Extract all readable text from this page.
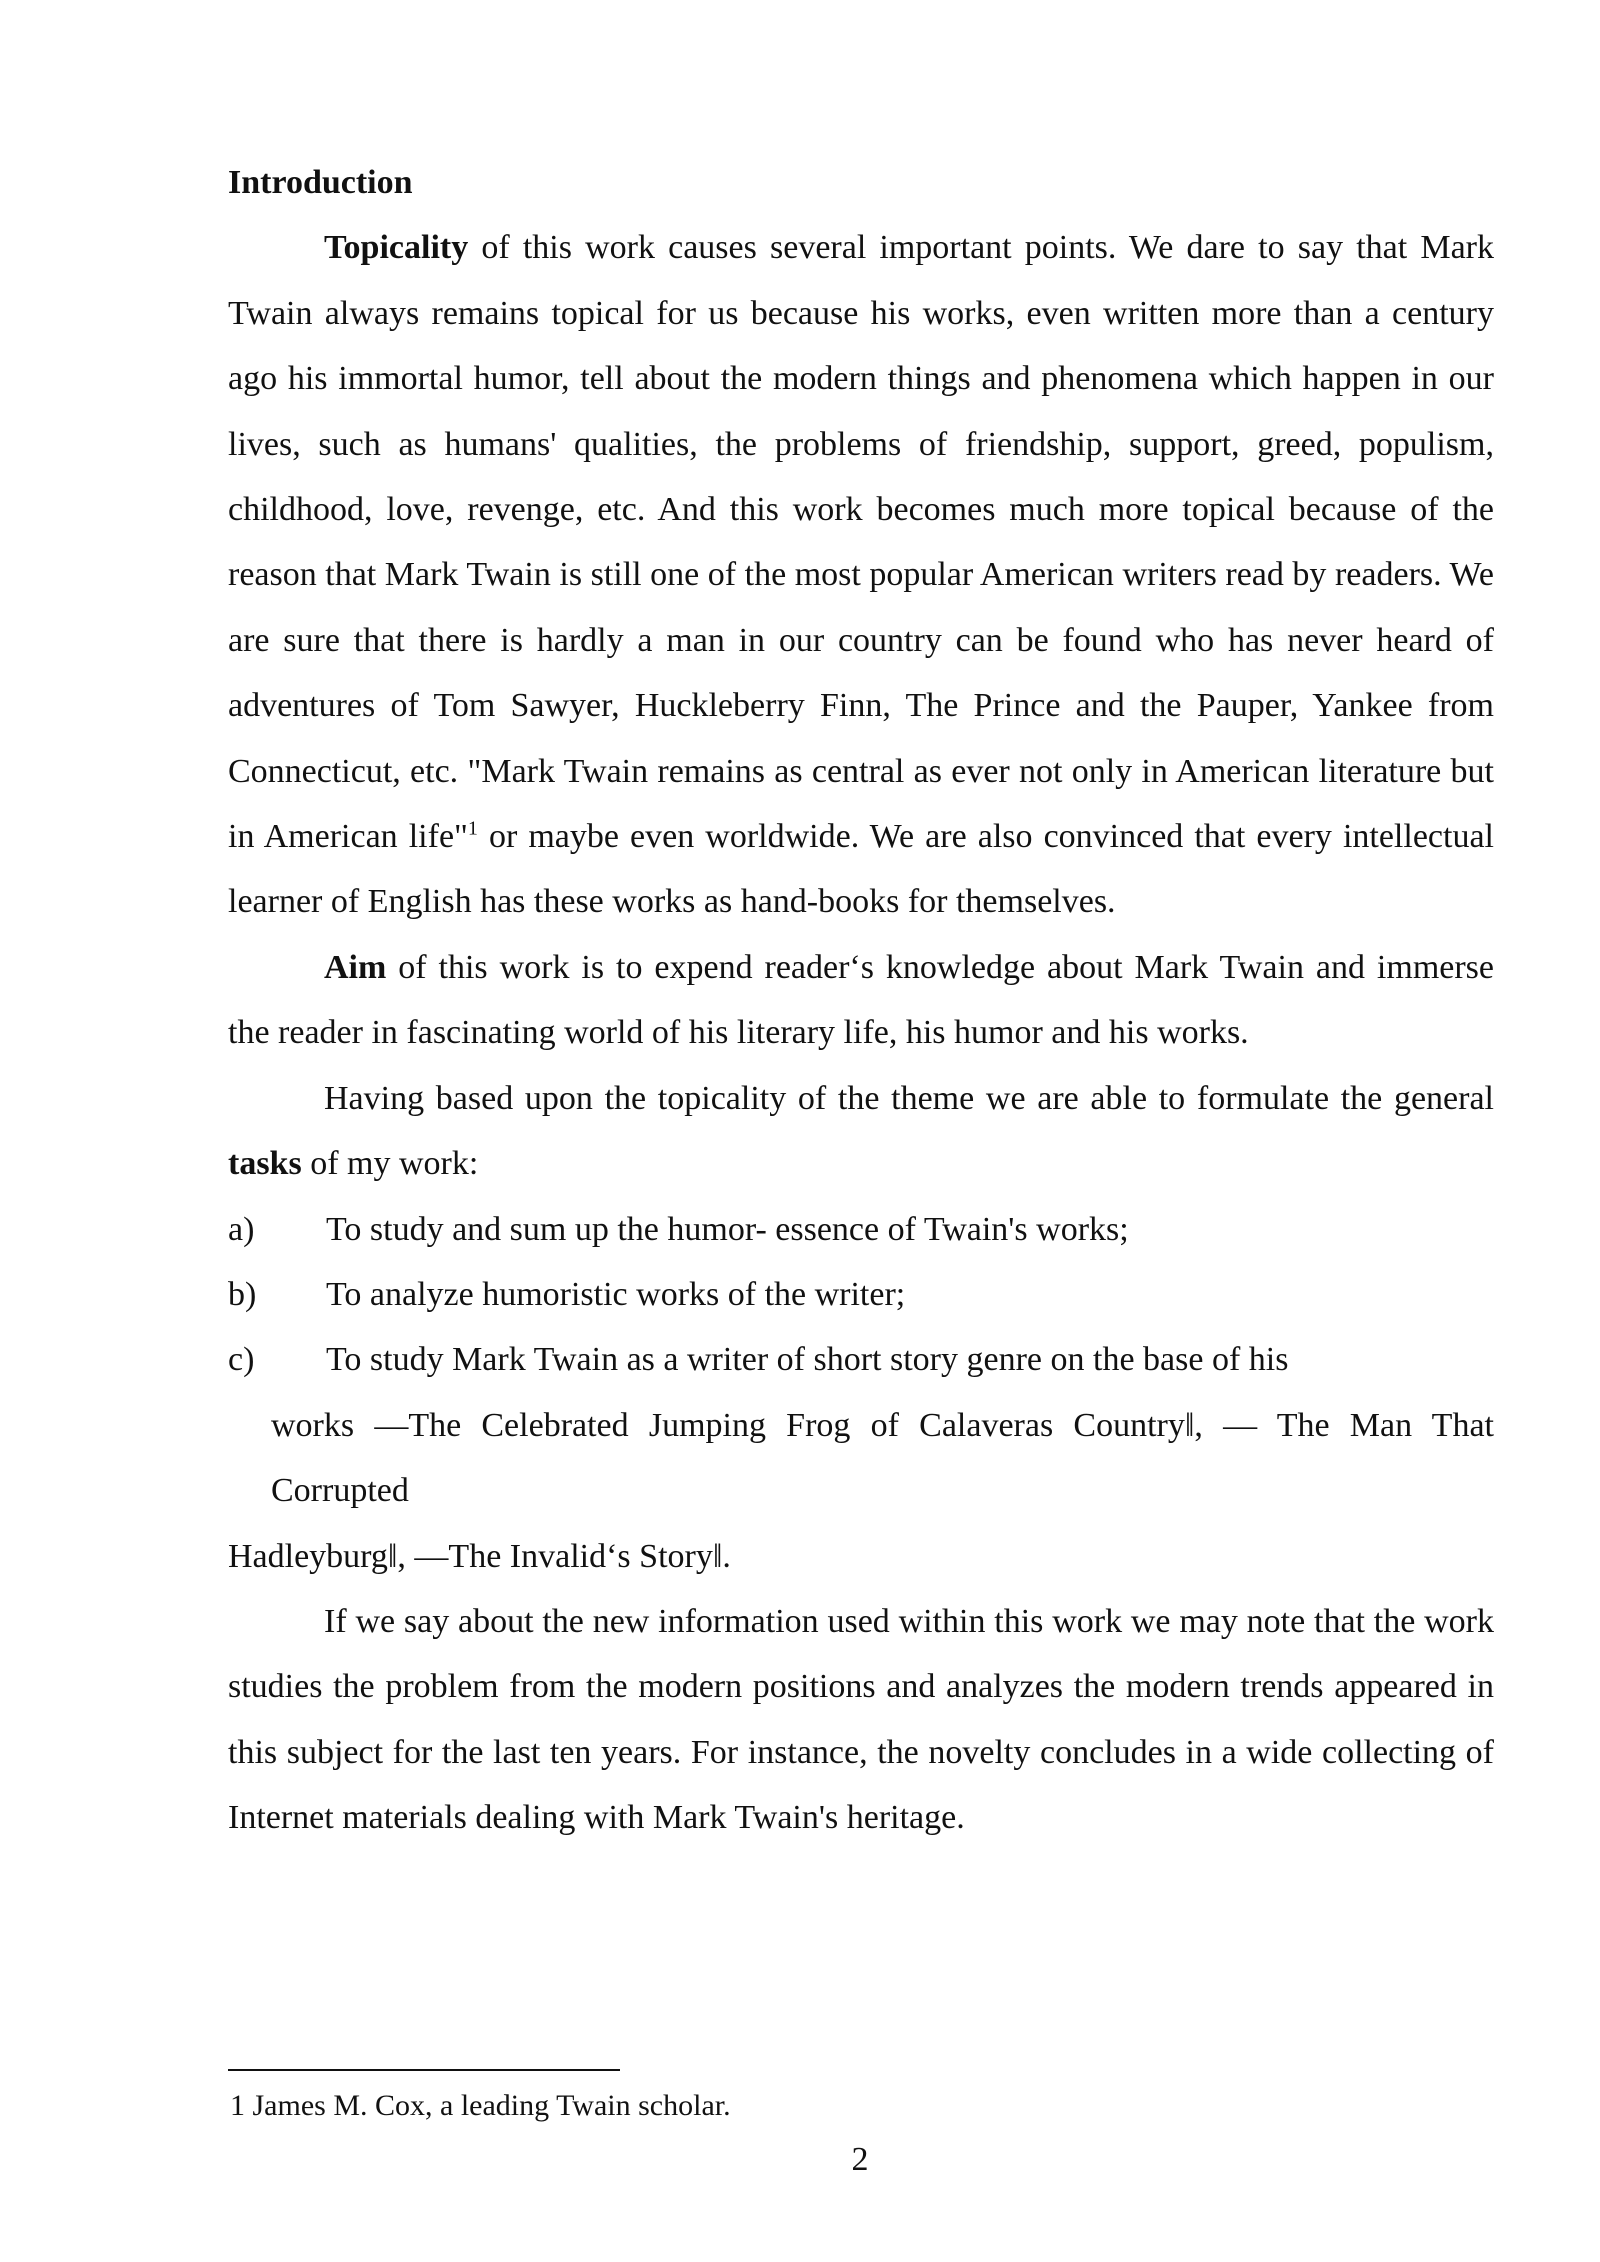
Introduction

Topicality of this work causes several important points. We dare to say that Mark Twain always remains topical for us because his works, even written more than a century ago his immortal humor, tell about the modern things and phenomena which happen in our lives, such as humans' qualities, the problems of friendship, support, greed, populism, childhood, love, revenge, etc. And this work becomes much more topical because of the reason that Mark Twain is still one of the most popular American writers read by readers. We are sure that there is hardly a man in our country can be found who has never heard of adventures of Tom Sawyer, Huckleberry Finn, The Prince and the Pauper, Yankee from Connecticut, etc. "Mark Twain remains as central as ever not only in American literature but in American life"$^1$ or maybe even worldwide. We are also convinced that every intellectual learner of English has these works as hand-books for themselves.

Aim of this work is to expend reader‘s knowledge about Mark Twain and immerse the reader in fascinating world of his literary life, his humor and his works.

Having based upon the topicality of the theme we are able to formulate the general tasks of my work:

a)	To study and sum up the humor- essence of Twain's works;
b)	To analyze humoristic works of the writer;
c)	To study Mark Twain as a writer of short story genre on the base of his

works ―The Celebrated Jumping Frog of Calaveras Country‖, ― The Man That Corrupted

Hadleyburg‖, ―The Invalid‘s Story‖.

If we say about the new information used within this work we may note that the work studies the problem from the modern positions and analyzes the modern trends appeared in this subject for the last ten years. For instance, the novelty concludes in a wide collecting of Internet materials dealing with Mark Twain's heritage.

1 James M. Cox, a leading Twain scholar.
2
